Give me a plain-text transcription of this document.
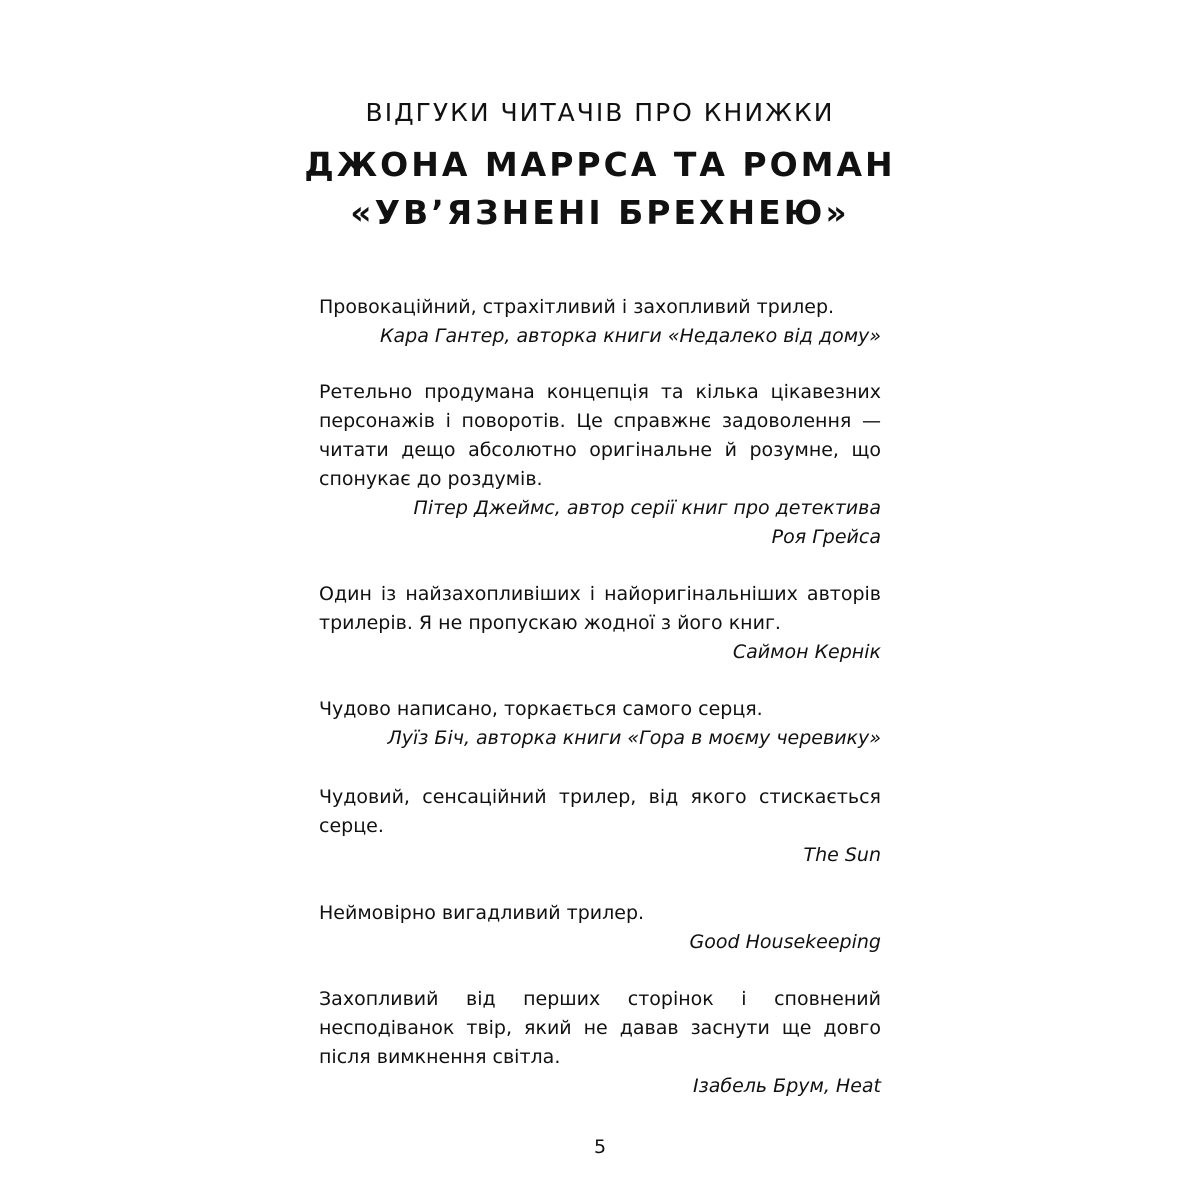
ВІДГУКИ ЧИТАЧІВ ПРО КНИЖКИ
ДЖОНА МАРРСА ТА РОМАН
«УВ’ЯЗНЕНІ БРЕХНЕЮ»

Провокаційний, страхітливий і захопливий трилер.

Кара Гантер, авторка книги «Недалеко від дому»

Ретельно продумана концепція та кілька цікавезних персонажів і поворотів. Це справжнє задоволення — читати дещо абсолютно оригінальне й розумне, що спонукає до роздумів.

Пітер Джеймс, автор серії книг про детектива

Роя Грейса

Один із найзахопливіших і найоригінальніших авторів трилерів. Я не пропускаю жодної з його книг.

Саймон Кернік

Чудово написано, торкається самого серця.

Луїз Біч, авторка книги «Гора в моєму черевику»

Чудовий, сенсаційний трилер, від якого стискається серце.

The Sun

Неймовірно вигадливий трилер.

Good Housekeeping

Захопливий від перших сторінок і сповнений несподіванок твір, який не давав заснути ще довго після вимкнення світла.

Ізабель Брум, Heat

5
